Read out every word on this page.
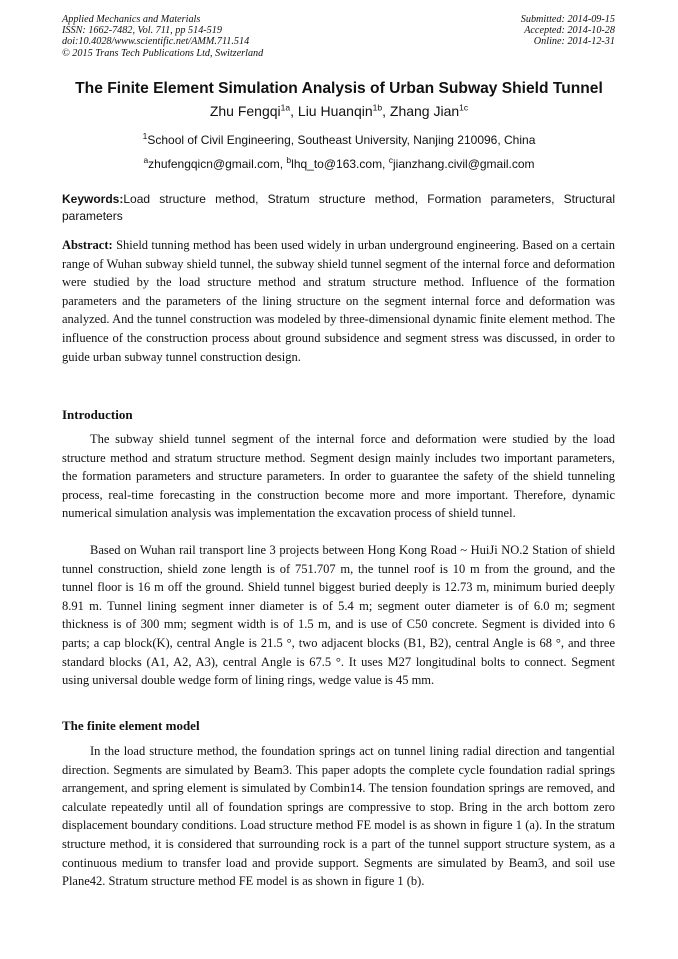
Applied Mechanics and Materials
ISSN: 1662-7482, Vol. 711, pp 514-519
doi:10.4028/www.scientific.net/AMM.711.514
© 2015 Trans Tech Publications Ltd, Switzerland
Submitted: 2014-09-15
Accepted: 2014-10-28
Online: 2014-12-31
The Finite Element Simulation Analysis of Urban Subway Shield Tunnel
Zhu Fengqi$^{1a}$, Liu Huanqin$^{1b}$, Zhang Jian$^{1c}$
$^1$School of Civil Engineering, Southeast University, Nanjing 210096, China
$^a$zhufengqicn@gmail.com, $^b$lhq_to@163.com, $^c$jianzhang.civil@gmail.com
Keywords:Load structure method, Stratum structure method, Formation parameters, Structural parameters
Abstract: Shield tunning method has been used widely in urban underground engineering. Based on a certain range of Wuhan subway shield tunnel, the subway shield tunnel segment of the internal force and deformation were studied by the load structure method and stratum structure method. Influence of the formation parameters and the parameters of the lining structure on the segment internal force and deformation was analyzed. And the tunnel construction was modeled by three-dimensional dynamic finite element method. The influence of the construction process about ground subsidence and segment stress was discussed, in order to guide urban subway tunnel construction design.
Introduction

The subway shield tunnel segment of the internal force and deformation were studied by the load structure method and stratum structure method. Segment design mainly includes two important parameters, the formation parameters and structure parameters. In order to guarantee the safety of the shield tunneling process, real-time forecasting in the construction become more and more important. Therefore, dynamic numerical simulation analysis was implementation the excavation process of shield tunnel.

Based on Wuhan rail transport line 3 projects between Hong Kong Road ~ HuiJi NO.2 Station of shield tunnel construction, shield zone length is of 751.707 m, the tunnel roof is 10 m from the ground, and the tunnel floor is 16 m off the ground. Shield tunnel biggest buried deeply is 12.73 m, minimum buried deeply 8.91 m. Tunnel lining segment inner diameter is of 5.4 m; segment outer diameter is of 6.0 m; segment thickness is of 300 mm; segment width is of 1.5 m, and is use of C50 concrete. Segment is divided into 6 parts; a cap block(K), central Angle is 21.5 °, two adjacent blocks (B1, B2), central Angle is 68 °, and three standard blocks (A1, A2, A3), central Angle is 67.5 °. It uses M27 longitudinal bolts to connect. Segment using universal double wedge form of lining rings, wedge value is 45 mm.

The finite element model

In the load structure method, the foundation springs act on tunnel lining radial direction and tangential direction. Segments are simulated by Beam3. This paper adopts the complete cycle foundation radial springs arrangement, and spring element is simulated by Combin14. The tension foundation springs are removed, and calculate repeatedly until all of foundation springs are compressive to stop. Bring in the arch bottom zero displacement boundary conditions. Load structure method FE model is as shown in figure 1 (a). In the stratum structure method, it is considered that surrounding rock is a part of the tunnel support structure system, as a continuous medium to transfer load and provide support. Segments are simulated by Beam3, and soil use Plane42. Stratum structure method FE model is as shown in figure 1 (b).
